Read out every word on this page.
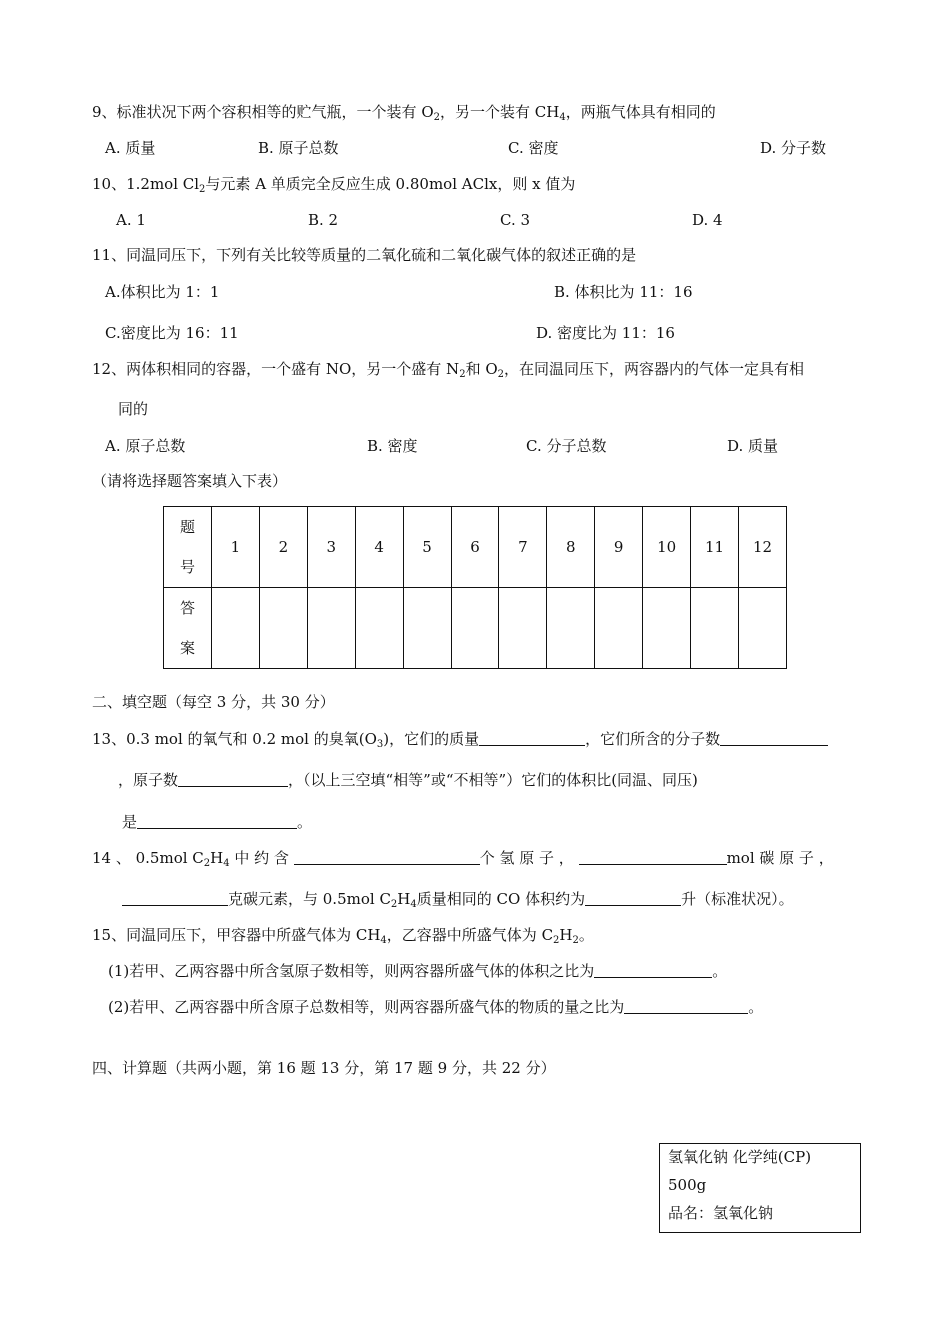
9、标准状况下两个容积相等的贮气瓶，一个装有 $O_2$，另一个装有 $CH_4$，两瓶气体具有相同的
A. 质量	B. 原子总数	C. 密度	D. 分子数
10、1.2mol $Cl_2$与元素 A 单质完全反应生成 0.80mol AClx，则 x 值为
A. 1	B. 2	C. 3	D. 4
11、同温同压下，下列有关比较等质量的二氧化硫和二氧化碳气体的叙述正确的是
A.体积比为 1：1	B. 体积比为 11：16
C.密度比为 16：11	D. 密度比为 11：16
12、两体积相同的容器，一个盛有 NO，另一个盛有 $N_2$和 $O_2$，在同温同压下，两容器内的气体一定具有相
同的
A. 原子总数	B. 密度	C. 分子总数	D. 质量
（请将选择题答案填入下表）
题号	1	2	3	4	5	6	7	8	9	10	11	12
答案												
二、填空题（每空 3 分，共 30 分）
13、0.3 mol 的氧气和 0.2 mol 的臭氧$(O_3)$，它们的质量	，它们所含的分子数
，原子数	，（以上三空填“相等”或“不相等”）它们的体积比(同温、同压)
是	。
14 、 0.5mol $C_2H_4$ 中 约 含	个 氢 原 子 ，	mol 碳 原 子 ，
克碳元素，与 0.5mol $C_2H_4$质量相同的 CO 体积约为	升（标准状况）。
15、同温同压下，甲容器中所盛气体为 $CH_4$，乙容器中所盛气体为 $C_2H_2$。
(1)若甲、乙两容器中所含氢原子数相等，则两容器所盛气体的体积之比为	。
(2)若甲、乙两容器中所含原子总数相等，则两容器所盛气体的物质的量之比为	。
四、计算题（共两小题，第 16 题 13 分，第 17 题 9 分，共 22 分）
氢氧化钠 化学纯(CP)
500g
品名：氢氧化钠
